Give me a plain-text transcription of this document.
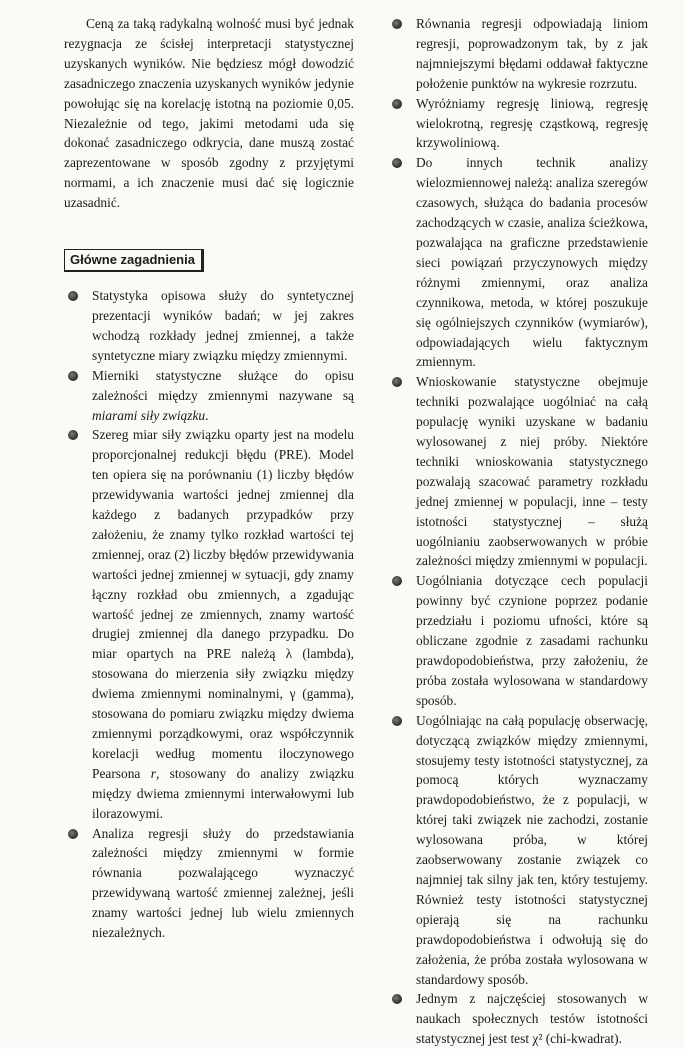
Ceną za taką radykalną wolność musi być jednak rezygnacja ze ścisłej interpretacji statystycznej uzyskanych wyników. Nie będziesz mógł dowodzić zasadniczego znaczenia uzyskanych wyników jedynie powołując się na korelację istotną na poziomie 0,05. Niezależnie od tego, jakimi metodami uda się dokonać zasadniczego odkrycia, dane muszą zostać zaprezentowane w sposób zgodny z przyjętymi normami, a ich znaczenie musi dać się logicznie uzasadnić.

Główne zagadnienia
Statystyka opisowa służy do syntetycznej prezentacji wyników badań; w jej zakres wchodzą rozkłady jednej zmiennej, a także syntetyczne miary związku między zmiennymi.
Mierniki statystyczne służące do opisu zależności między zmiennymi nazywane są miarami siły związku.
Szereg miar siły związku oparty jest na modelu proporcjonalnej redukcji błędu (PRE). Model ten opiera się na porównaniu (1) liczby błędów przewidywania wartości jednej zmiennej dla każdego z badanych przypadków przy założeniu, że znamy tylko rozkład wartości tej zmiennej, oraz (2) liczby błędów przewidywania wartości jednej zmiennej w sytuacji, gdy znamy łączny rozkład obu zmiennych, a zgadując wartość jednej ze zmiennych, znamy wartość drugiej zmiennej dla danego przypadku. Do miar opartych na PRE należą λ (lambda), stosowana do mierzenia siły związku między dwiema zmiennymi nominalnymi, γ (gamma), stosowana do pomiaru związku między dwiema zmiennymi porządkowymi, oraz współczynnik korelacji według momentu iloczynowego Pearsona r, stosowany do analizy związku między dwiema zmiennymi interwałowymi lub ilorazowymi.
Analiza regresji służy do przedstawiania zależności między zmiennymi w formie równania pozwalającego wyznaczyć przewidywaną wartość zmiennej zależnej, jeśli znamy wartości jednej lub wielu zmiennych niezależnych.
Równania regresji odpowiadają liniom regresji, poprowadzonym tak, by z jak najmniejszymi błędami oddawał faktyczne położenie punktów na wykresie rozrzutu.
Wyróżniamy regresję liniową, regresję wielokrotną, regresję cząstkową, regresję krzywoliniową.
Do innych technik analizy wielozmiennowej należą: analiza szeregów czasowych, służąca do badania procesów zachodzących w czasie, analiza ścieżkowa, pozwalająca na graficzne przedstawienie sieci powiązań przyczynowych między różnymi zmiennymi, oraz analiza czynnikowa, metoda, w której poszukuje się ogólniejszych czynników (wymiarów), odpowiadających wielu faktycznym zmiennym.
Wnioskowanie statystyczne obejmuje techniki pozwalające uogólniać na całą populację wyniki uzyskane w badaniu wylosowanej z niej próby. Niektóre techniki wnioskowania statystycznego pozwalają szacować parametry rozkładu jednej zmiennej w populacji, inne – testy istotności statystycznej – służą uogólnianiu zaobserwowanych w próbie zależności między zmiennymi w populacji.
Uogólniania dotyczące cech populacji powinny być czynione poprzez podanie przedziału i poziomu ufności, które są obliczane zgodnie z zasadami rachunku prawdopodobieństwa, przy założeniu, że próba została wylosowana w standardowy sposób.
Uogólniając na całą populację obserwację, dotyczącą związków między zmiennymi, stosujemy testy istotności statystycznej, za pomocą których wyznaczamy prawdopodobieństwo, że z populacji, w której taki związek nie zachodzi, zostanie wylosowana próba, w której zaobserwowany zostanie związek co najmniej tak silny jak ten, który testujemy. Również testy istotności statystycznej opierają się na rachunku prawdopodobieństwa i odwołują się do założenia, że próba została wylosowana w standardowy sposób.
Jednym z najczęściej stosowanych w naukach społecznych testów istotności statystycznej jest test χ² (chi-kwadrat).
